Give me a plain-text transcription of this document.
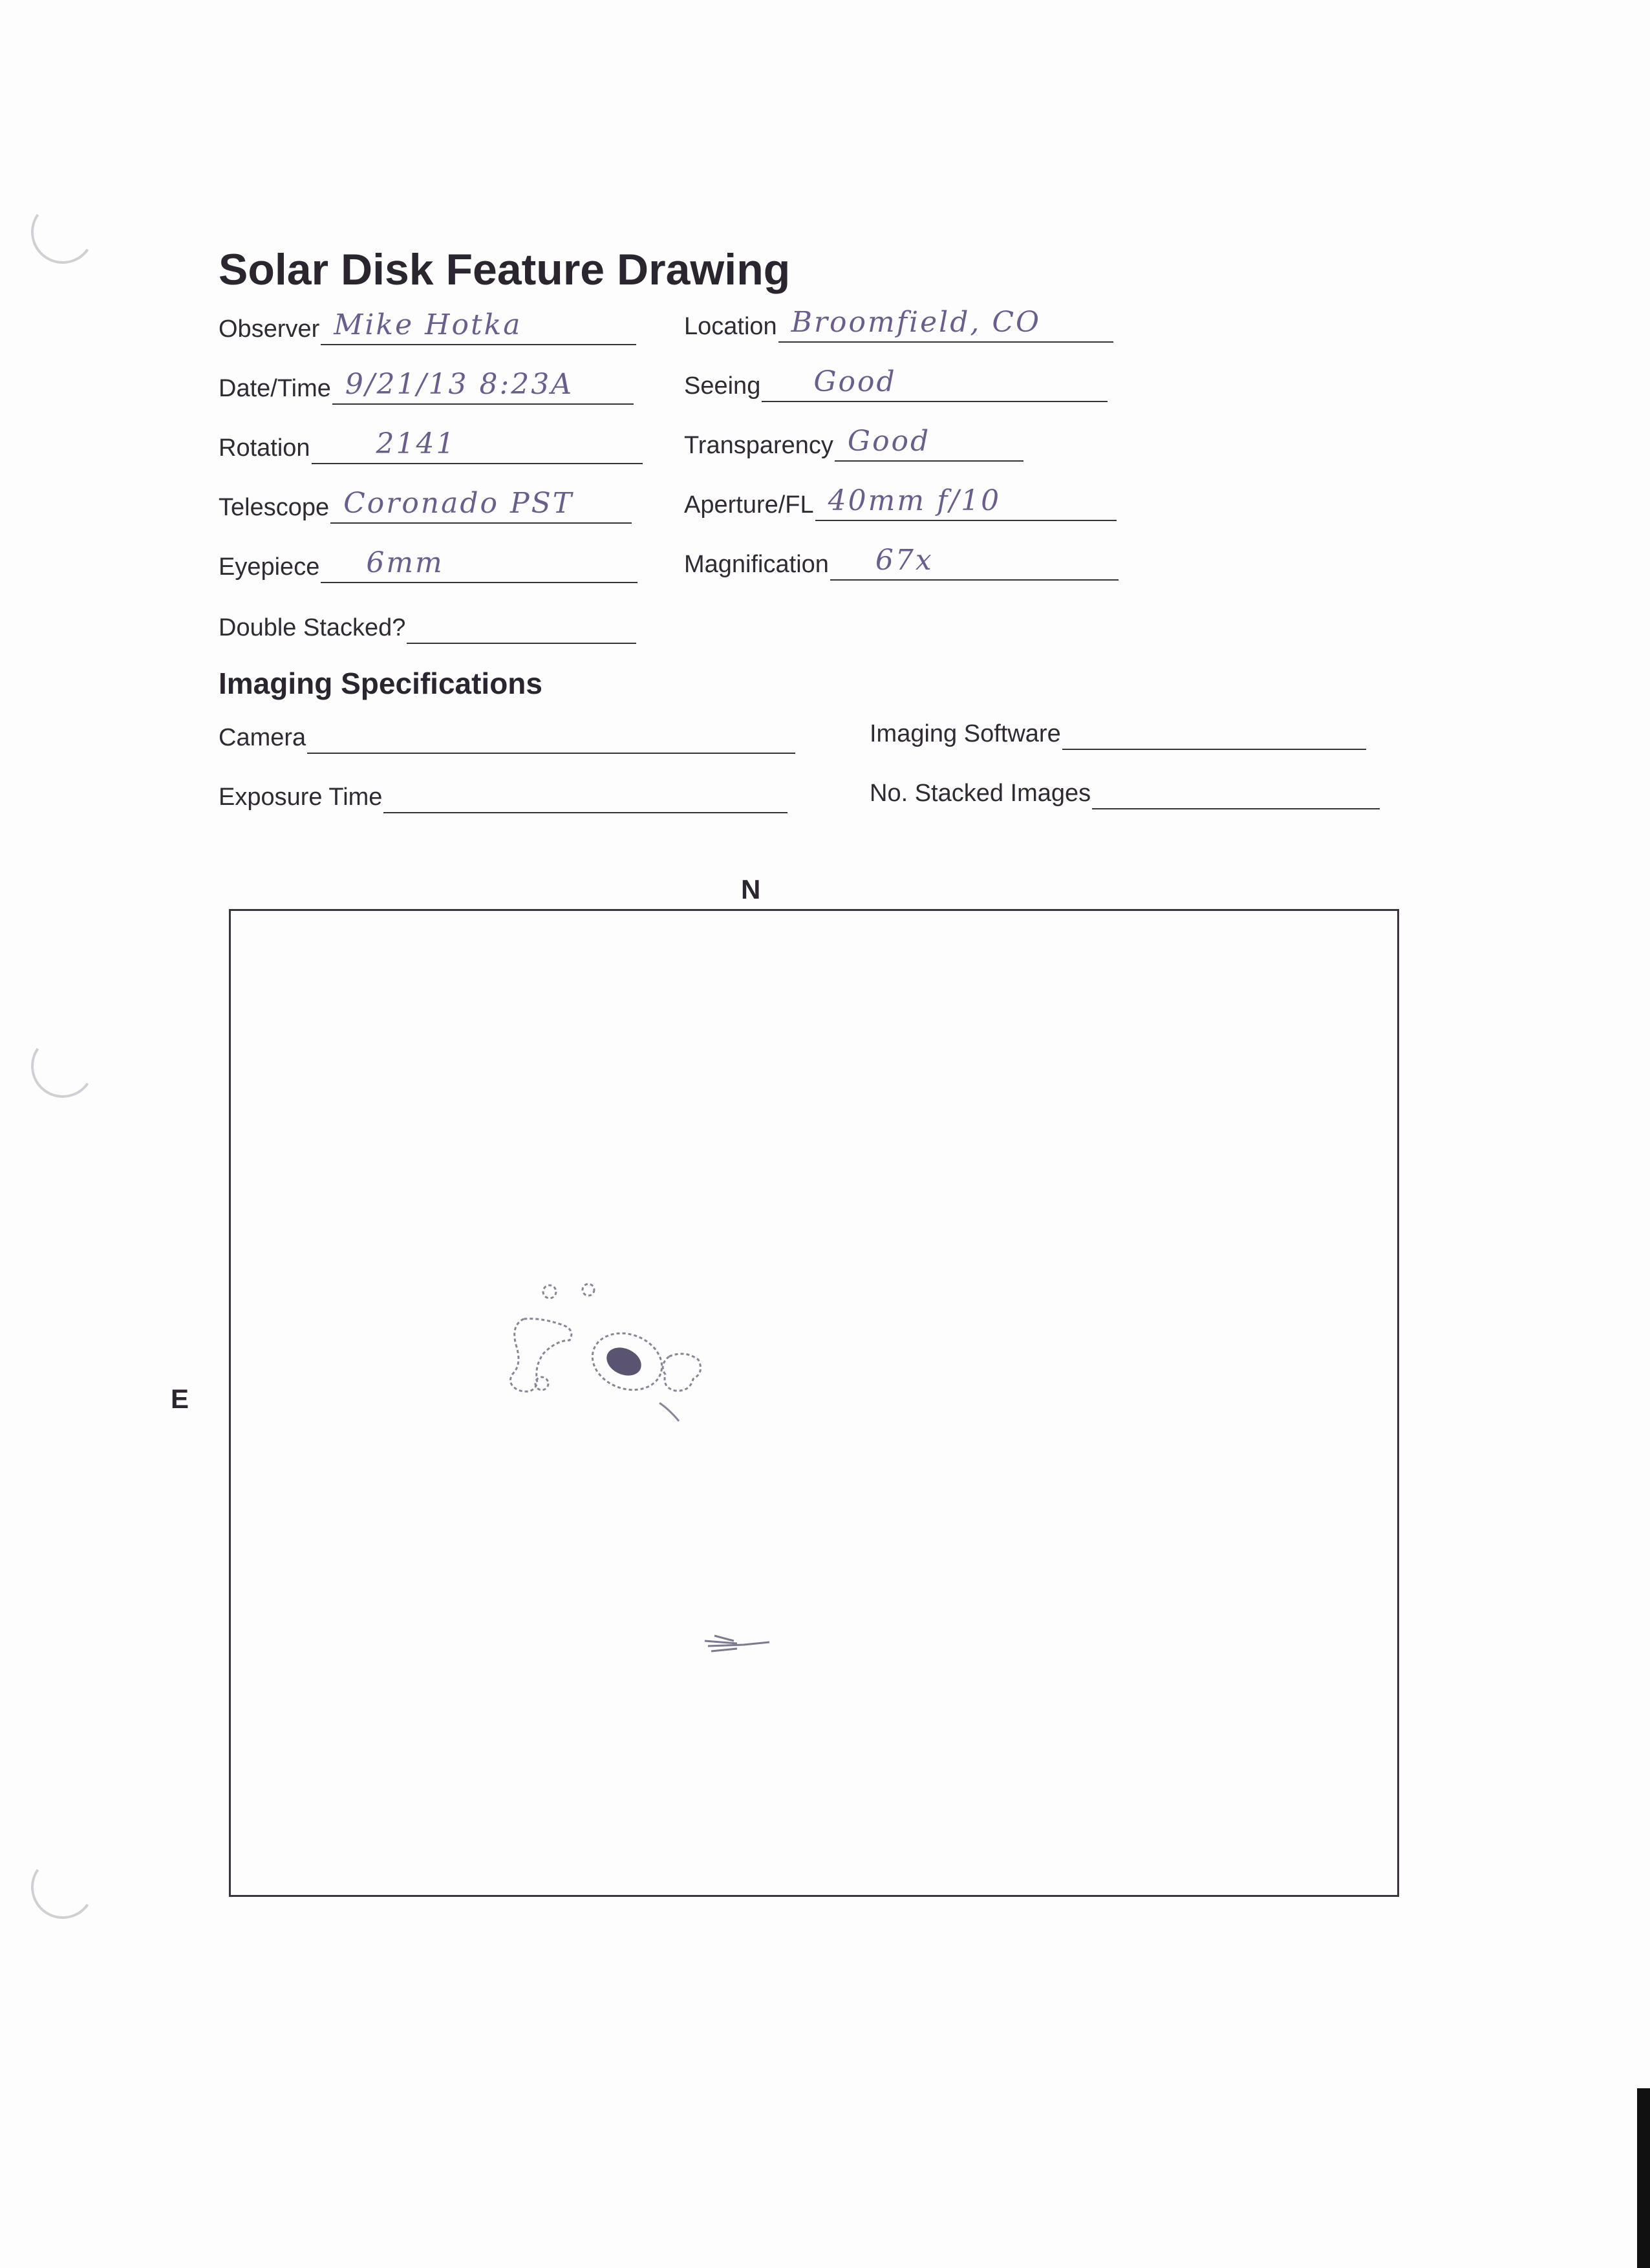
Solar Disk Feature Drawing
Observer Mike Hotka
Date/Time 9/21/13 8:23A
Rotation 2141
Telescope Coronado PST
Eyepiece 6mm
Double Stacked?
Location Broomfield, CO
Seeing Good
Transparency Good
Aperture/FL 40mm f/10
Magnification 67x
Imaging Specifications
Camera
Exposure Time
Imaging Software
No. Stacked Images
N
E
